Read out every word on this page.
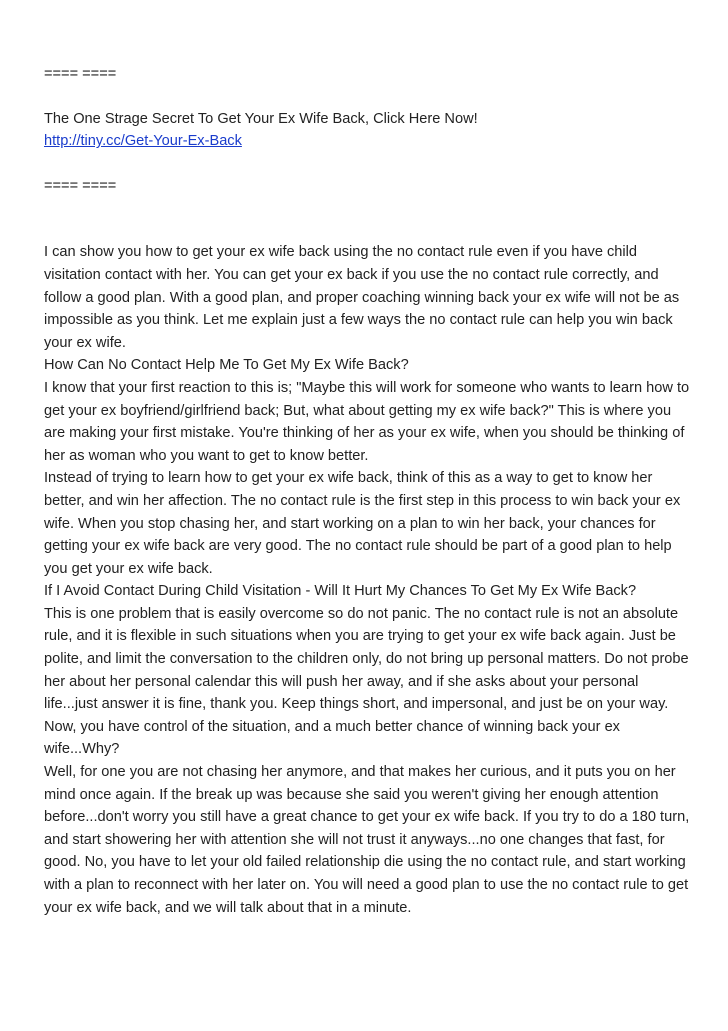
==== ====

The One Strage Secret To Get Your Ex Wife Back, Click Here Now!

http://tiny.cc/Get-Your-Ex-Back

==== ====

I can show you how to get your ex wife back using the no contact rule even if you have child visitation contact with her. You can get your ex back if you use the no contact rule correctly, and follow a good plan. With a good plan, and proper coaching winning back your ex wife will not be as impossible as you think. Let me explain just a few ways the no contact rule can help you win back your ex wife.

How Can No Contact Help Me To Get My Ex Wife Back?

I know that your first reaction to this is; "Maybe this will work for someone who wants to learn how to get your ex boyfriend/girlfriend back; But, what about getting my ex wife back?" This is where you are making your first mistake. You're thinking of her as your ex wife, when you should be thinking of her as woman who you want to get to know better.

Instead of trying to learn how to get your ex wife back, think of this as a way to get to know her better, and win her affection. The no contact rule is the first step in this process to win back your ex wife. When you stop chasing her, and start working on a plan to win her back, your chances for getting your ex wife back are very good. The no contact rule should be part of a good plan to help you get your ex wife back.

If I Avoid Contact During Child Visitation - Will It Hurt My Chances To Get My Ex Wife Back?

This is one problem that is easily overcome so do not panic. The no contact rule is not an absolute rule, and it is flexible in such situations when you are trying to get your ex wife back again. Just be polite, and limit the conversation to the children only, do not bring up personal matters. Do not probe her about her personal calendar this will push her away, and if she asks about your personal life...just answer it is fine, thank you. Keep things short, and impersonal, and just be on your way. Now, you have control of the situation, and a much better chance of winning back your ex wife...Why?

Well, for one you are not chasing her anymore, and that makes her curious, and it puts you on her mind once again. If the break up was because she said you weren't giving her enough attention before...don't worry you still have a great chance to get your ex wife back. If you try to do a 180 turn, and start showering her with attention she will not trust it anyways...no one changes that fast, for good. No, you have to let your old failed relationship die using the no contact rule, and start working with a plan to reconnect with her later on. You will need a good plan to use the no contact rule to get your ex wife back, and we will talk about that in a minute.
